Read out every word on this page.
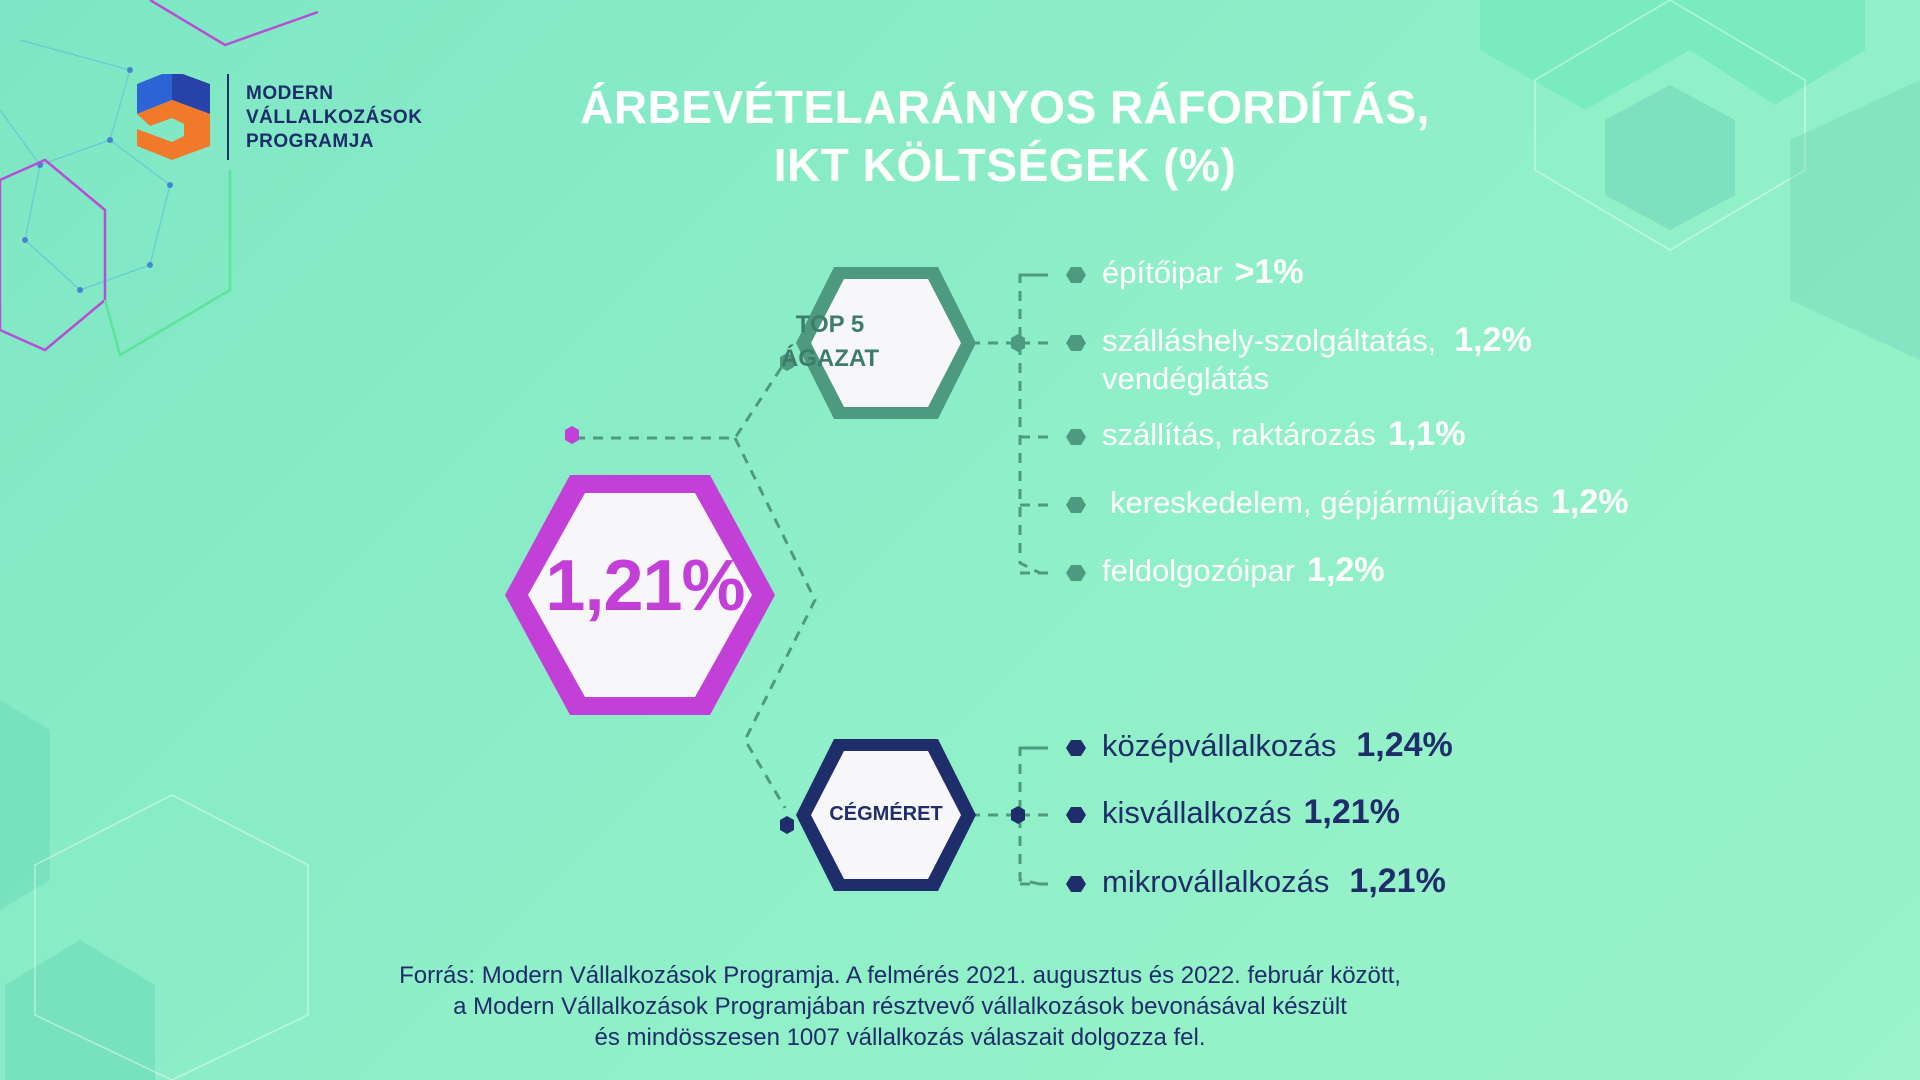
MODERN
VÁLLALKOZÁSOK
PROGRAMJA
ÁRBEVÉTELARÁNYOS RÁFORDÍTÁS,
IKT KÖLTSÉGEK (%)
1,21%
TOP 5
ÁGAZAT
CÉGMÉRET
építőipar >1%
szálláshely-szolgáltatás, 1,2%
vendéglátás
szállítás, raktározás 1,1%
kereskedelem, gépjárműjavítás 1,2%
feldolgozóipar 1,2%
középvállalkozás 1,24%
kisvállalkozás 1,21%
mikrovállalkozás 1,21%
Forrás: Modern Vállalkozások Programja. A felmérés 2021. augusztus és 2022. február között,
a Modern Vállalkozások Programjában résztvevő vállalkozások bevonásával készült
és mindösszesen 1007 vállalkozás válaszait dolgozza fel.
